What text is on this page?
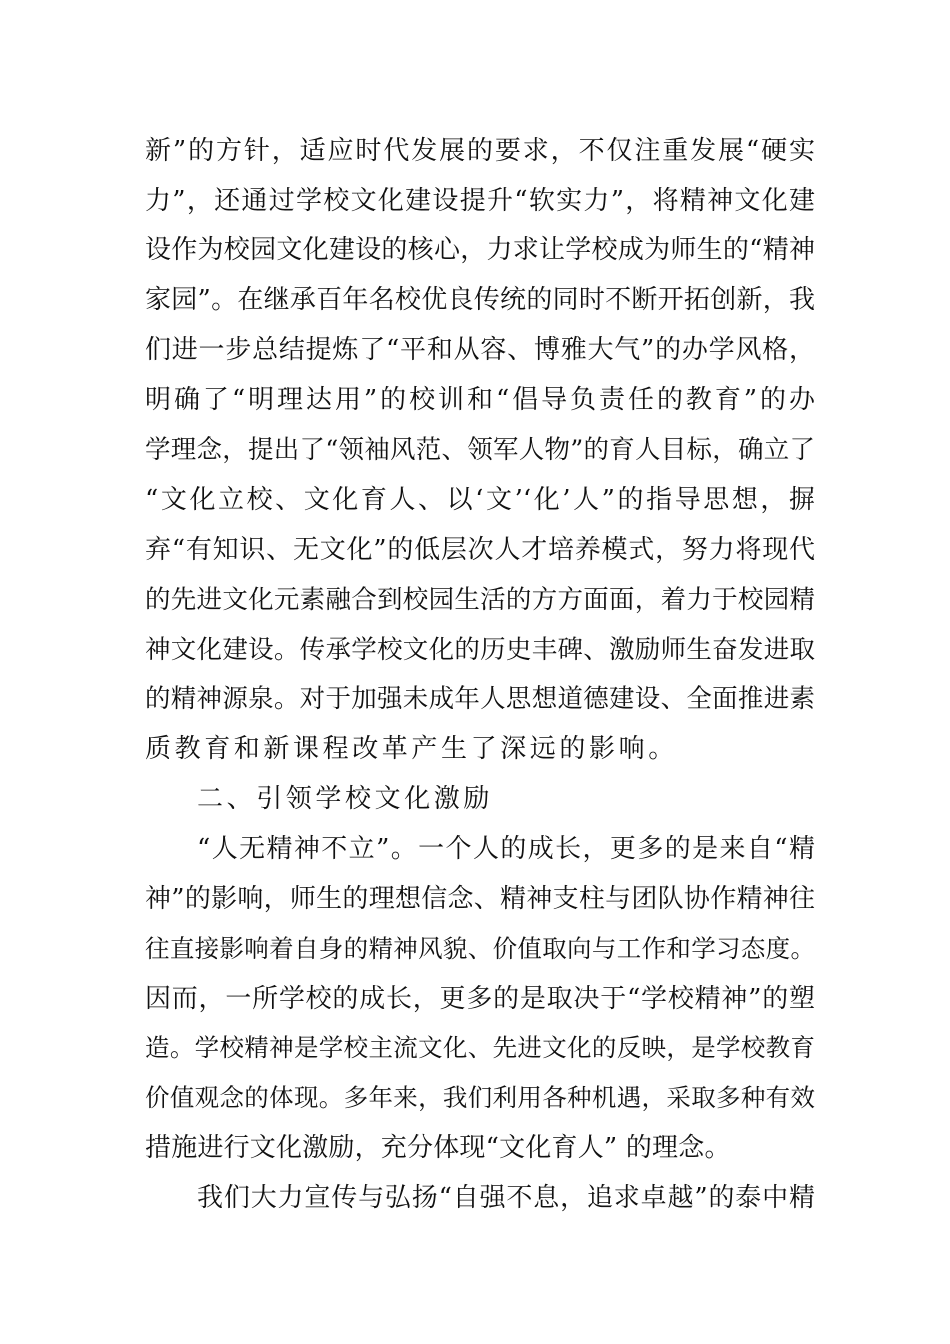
新”的方针，适应时代发展的要求，不仅注重发展“硬实
力”，还通过学校文化建设提升“软实力”，将精神文化建
设作为校园文化建设的核心，力求让学校成为师生的“精神
家园”。在继承百年名校优良传统的同时不断开拓创新，我
们进一步总结提炼了“平和从容、博雅大气”的办学风格，
明确了“明理达用”的校训和“倡导负责任的教育”的办
学理念，提出了“领袖风范、领军人物”的育人目标，确立了
“文化立校、文化育人、以‘文’‘化’人”的指导思想，摒
弃“有知识、无文化”的低层次人才培养模式，努力将现代
的先进文化元素融合到校园生活的方方面面，着力于校园精
神文化建设。传承学校文化的历史丰碑、激励师生奋发进取
的精神源泉。对于加强未成年人思想道德建设、全面推进素
质教育和新课程改革产生了深远的影响。
二、引领学校文化激励
“人无精神不立”。一个人的成长，更多的是来自“精
神”的影响，师生的理想信念、精神支柱与团队协作精神往
往直接影响着自身的精神风貌、价值取向与工作和学习态度。
因而，一所学校的成长，更多的是取决于“学校精神”的塑
造。学校精神是学校主流文化、先进文化的反映，是学校教育
价值观念的体现。多年来，我们利用各种机遇，采取多种有效
措施进行文化激励，充分体现“文化育人” 的理念。
我们大力宣传与弘扬“自强不息，追求卓越”的泰中精
